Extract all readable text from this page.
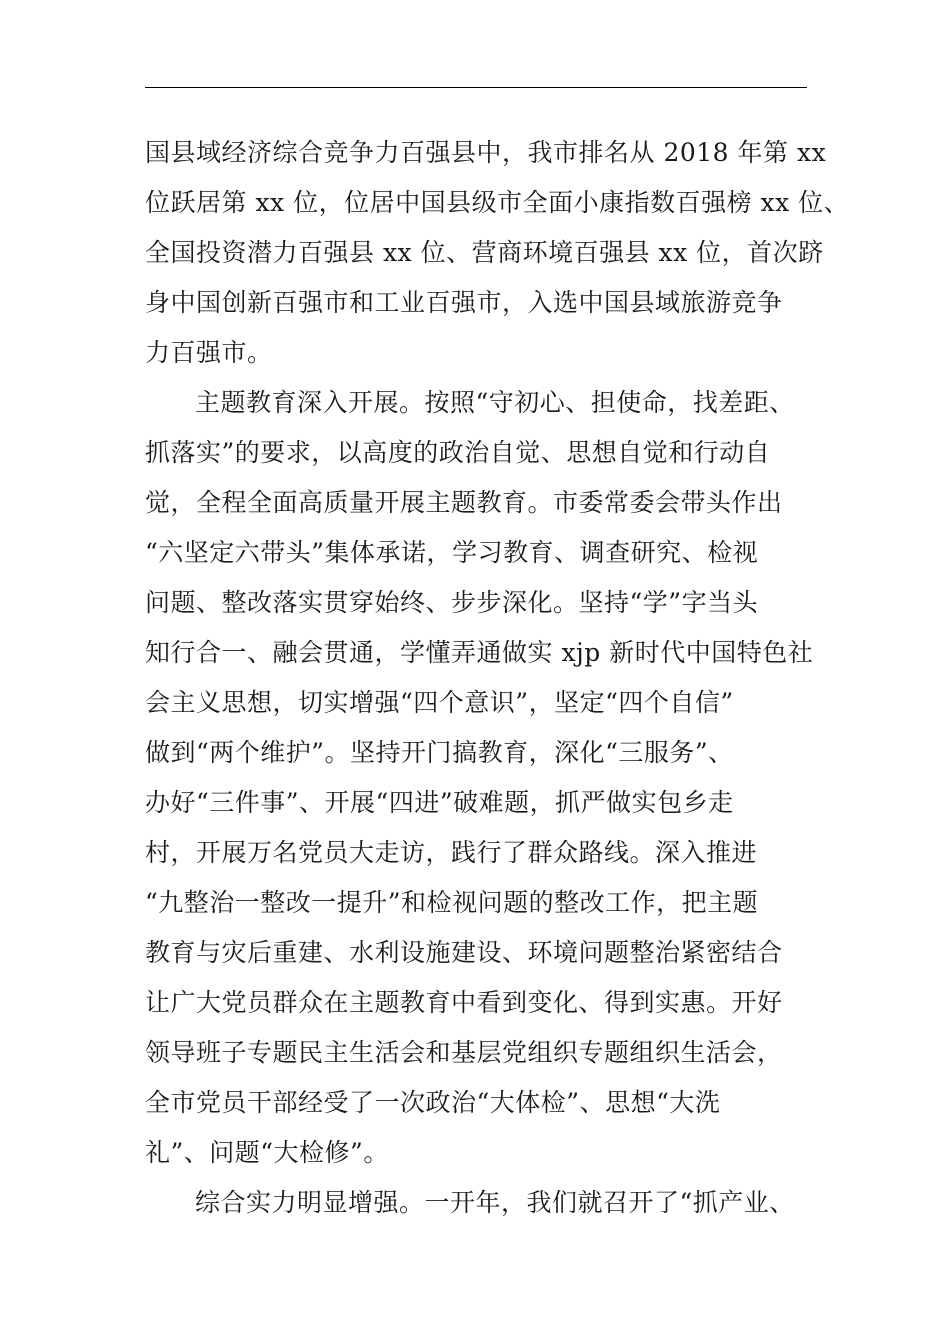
国县域经济综合竞争力百强县中，我市排名从 2018 年第 xx
位跃居第 xx 位，位居中国县级市全面小康指数百强榜 xx 位、
全国投资潜力百强县 xx 位、营商环境百强县 xx 位，首次跻
身中国创新百强市和工业百强市，入选中国县域旅游竞争
力百强市。
主题教育深入开展。按照“守初心、担使命，找差距、
抓落实”的要求，以高度的政治自觉、思想自觉和行动自
觉，全程全面高质量开展主题教育。市委常委会带头作出
“六坚定六带头”集体承诺，学习教育、调查研究、检视
问题、整改落实贯穿始终、步步深化。坚持“学”字当头
知行合一、融会贯通，学懂弄通做实 xjp 新时代中国特色社
会主义思想，切实增强“四个意识”，坚定“四个自信”
做到“两个维护”。坚持开门搞教育，深化“三服务”、
办好“三件事”、开展“四进”破难题，抓严做实包乡走
村，开展万名党员大走访，践行了群众路线。深入推进
“九整治一整改一提升”和检视问题的整改工作，把主题
教育与灾后重建、水利设施建设、环境问题整治紧密结合
让广大党员群众在主题教育中看到变化、得到实惠。开好
领导班子专题民主生活会和基层党组织专题组织生活会，
全市党员干部经受了一次政治“大体检”、思想“大洗
礼”、问题“大检修”。
综合实力明显增强。一开年，我们就召开了“抓产业、
